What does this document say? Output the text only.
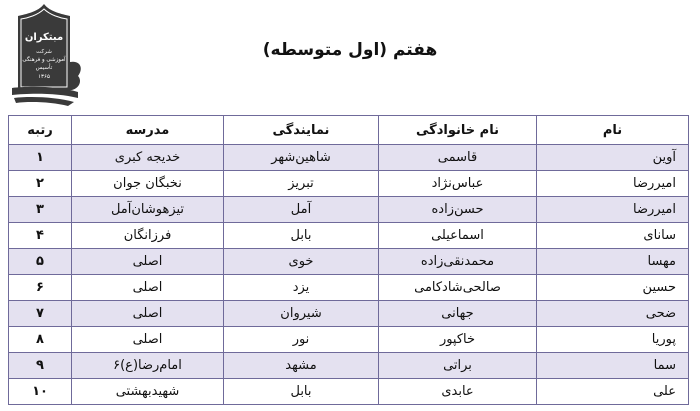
مبتکران
شرکت
آموزشی و فرهنگی
تأسیس
۱۳۶۵
هفتم (اول متوسطه)
نام	نام خانوادگی	نمایندگی	مدرسه	رتبه
آوین	قاسمی	شاهین‌شهر	خدیجه کبری	۱
امیررضا	عباس‌نژاد	تبریز	نخبگان جوان	۲
امیررضا	حسن‌زاده	آمل	تیزهوشان‌آمل	۳
سانای	اسماعیلی	بابل	فرزانگان	۴
مهسا	محمدنقی‌زاده	خوی	اصلی	۵
حسین	صالحی‌شادکامی	یزد	اصلی	۶
ضحی	جهانی	شیروان	اصلی	۷
پوریا	خاکپور	نور	اصلی	۸
سما	براتی	مشهد	امام‌رضا(ع)۶	۹
علی	عابدی	بابل	شهیدبهشتی	۱۰
